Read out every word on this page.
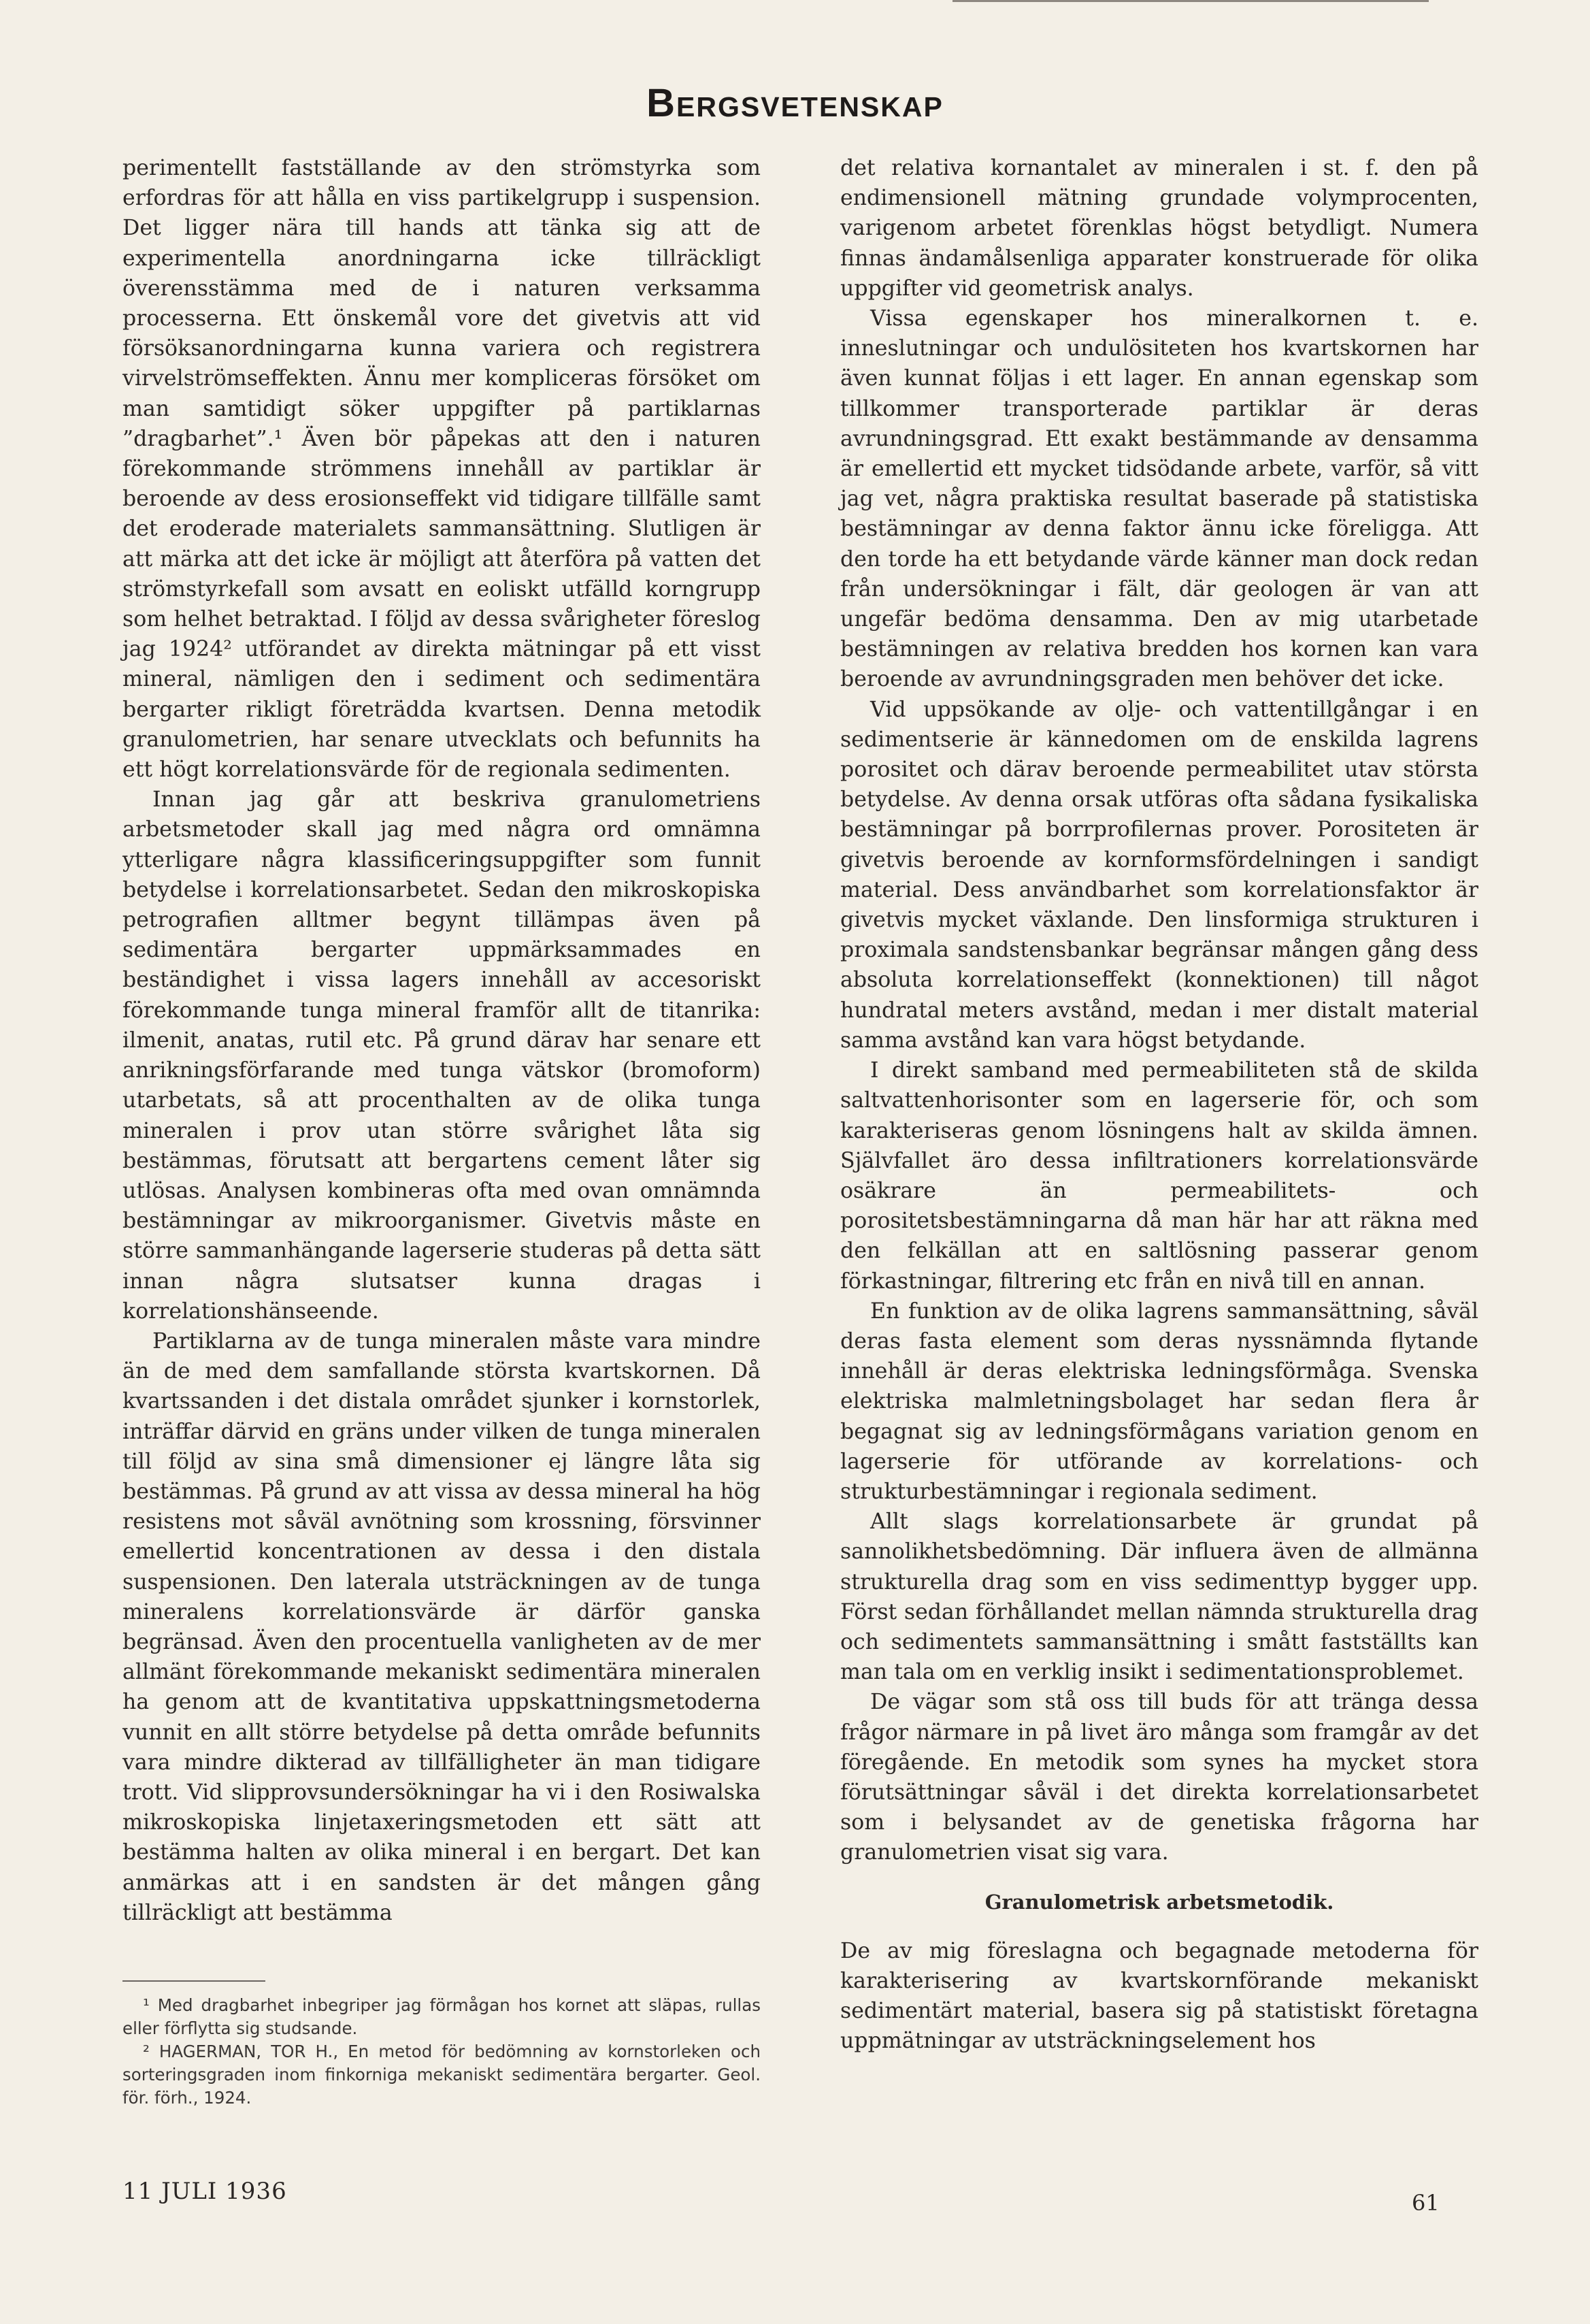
Bergsvetenskap

perimentellt fastställande av den strömstyrka som erfordras för att hålla en viss partikelgrupp i suspension. Det ligger nära till hands att tänka sig att de experimentella anordningarna icke tillräckligt överensstämma med de i naturen verksamma processerna. Ett önskemål vore det givetvis att vid försöksanordningarna kunna variera och registrera virvelströmseffekten. Ännu mer kompliceras försöket om man samtidigt söker uppgifter på partiklarnas ”dragbarhet”.¹ Även bör påpekas att den i naturen förekommande strömmens innehåll av partiklar är beroende av dess erosionseffekt vid tidigare tillfälle samt det eroderade materialets sammansättning. Slutligen är att märka att det icke är möjligt att återföra på vatten det strömstyrkefall som avsatt en eoliskt utfälld korngrupp som helhet betraktad. I följd av dessa svårigheter föreslog jag 1924² utförandet av direkta mätningar på ett visst mineral, nämligen den i sediment och sedimentära bergarter rikligt företrädda kvartsen. Denna metodik granulometrien, har senare utvecklats och befunnits ha ett högt korrelationsvärde för de regionala sedimenten.

Innan jag går att beskriva granulometriens arbetsmetoder skall jag med några ord omnämna ytterligare några klassificeringsuppgifter som funnit betydelse i korrelationsarbetet. Sedan den mikroskopiska petrografien alltmer begynt tillämpas även på sedimentära bergarter uppmärksammades en beständighet i vissa lagers innehåll av accesoriskt förekommande tunga mineral framför allt de titanrika: ilmenit, anatas, rutil etc. På grund därav har senare ett anrikningsförfarande med tunga vätskor (bromoform) utarbetats, så att procenthalten av de olika tunga mineralen i prov utan större svårighet låta sig bestämmas, förutsatt att bergartens cement låter sig utlösas. Analysen kombineras ofta med ovan omnämnda bestämningar av mikroorganismer. Givetvis måste en större sammanhängande lagerserie studeras på detta sätt innan några slutsatser kunna dragas i korrelationshänseende.

Partiklarna av de tunga mineralen måste vara mindre än de med dem samfallande största kvartskornen. Då kvartssanden i det distala området sjunker i kornstorlek, inträffar därvid en gräns under vilken de tunga mineralen till följd av sina små dimensioner ej längre låta sig bestämmas. På grund av att vissa av dessa mineral ha hög resistens mot såväl avnötning som krossning, försvinner emellertid koncentrationen av dessa i den distala suspensionen. Den laterala utsträckningen av de tunga mineralens korrelationsvärde är därför ganska begränsad. Även den procentuella vanligheten av de mer allmänt förekommande mekaniskt sedimentära mineralen ha genom att de kvantitativa uppskattningsmetoderna vunnit en allt större betydelse på detta område befunnits vara mindre dikterad av tillfälligheter än man tidigare trott. Vid slipprovsundersökningar ha vi i den Rosiwalska mikroskopiska linjetaxeringsmetoden ett sätt att bestämma halten av olika mineral i en bergart. Det kan anmärkas att i en sandsten är det mången gång tillräckligt att bestämma

det relativa kornantalet av mineralen i st. f. den på endimensionell mätning grundade volymprocenten, varigenom arbetet förenklas högst betydligt. Numera finnas ändamålsenliga apparater konstruerade för olika uppgifter vid geometrisk analys.

Vissa egenskaper hos mineralkornen t. e. inneslutningar och undulösiteten hos kvartskornen har även kunnat följas i ett lager. En annan egenskap som tillkommer transporterade partiklar är deras avrundningsgrad. Ett exakt bestämmande av densamma är emellertid ett mycket tidsödande arbete, varför, så vitt jag vet, några praktiska resultat baserade på statistiska bestämningar av denna faktor ännu icke föreligga. Att den torde ha ett betydande värde känner man dock redan från undersökningar i fält, där geologen är van att ungefär bedöma densamma. Den av mig utarbetade bestämningen av relativa bredden hos kornen kan vara beroende av avrundningsgraden men behöver det icke.

Vid uppsökande av olje- och vattentillgångar i en sedimentserie är kännedomen om de enskilda lagrens porositet och därav beroende permeabilitet utav största betydelse. Av denna orsak utföras ofta sådana fysikaliska bestämningar på borrprofilernas prover. Porositeten är givetvis beroende av kornformsfördelningen i sandigt material. Dess användbarhet som korrelationsfaktor är givetvis mycket växlande. Den linsformiga strukturen i proximala sandstensbankar begränsar mången gång dess absoluta korrelationseffekt (konnektionen) till något hundratal meters avstånd, medan i mer distalt material samma avstånd kan vara högst betydande.

I direkt samband med permeabiliteten stå de skilda saltvattenhorisonter som en lagerserie för, och som karakteriseras genom lösningens halt av skilda ämnen. Självfallet äro dessa infiltrationers korrelationsvärde osäkrare än permeabilitets- och porositetsbestämningarna då man här har att räkna med den felkällan att en saltlösning passerar genom förkastningar, filtrering etc från en nivå till en annan.

En funktion av de olika lagrens sammansättning, såväl deras fasta element som deras nyssnämnda flytande innehåll är deras elektriska ledningsförmåga. Svenska elektriska malmletningsbolaget har sedan flera år begagnat sig av ledningsförmågans variation genom en lagerserie för utförande av korrelations- och strukturbestämningar i regionala sediment.

Allt slags korrelationsarbete är grundat på sannolikhetsbedömning. Där influera även de allmänna strukturella drag som en viss sedimenttyp bygger upp. Först sedan förhållandet mellan nämnda strukturella drag och sedimentets sammansättning i smått fastställts kan man tala om en verklig insikt i sedimentationsproblemet.

De vägar som stå oss till buds för att tränga dessa frågor närmare in på livet äro många som framgår av det föregående. En metodik som synes ha mycket stora förutsättningar såväl i det direkta korrelationsarbetet som i belysandet av de genetiska frågorna har granulometrien visat sig vara.

Granulometrisk arbetsmetodik.

De av mig föreslagna och begagnade metoderna för karakterisering av kvartskornförande mekaniskt sedimentärt material, basera sig på statistiskt företagna uppmätningar av utsträckningselement hos

¹ Med dragbarhet inbegriper jag förmågan hos kornet att släpas, rullas eller förflytta sig studsande.

² HAGERMAN, TOR H., En metod för bedömning av kornstorleken och sorteringsgraden inom finkorniga mekaniskt sedimentära bergarter. Geol. för. förh., 1924.

11 JULI 1936	61
